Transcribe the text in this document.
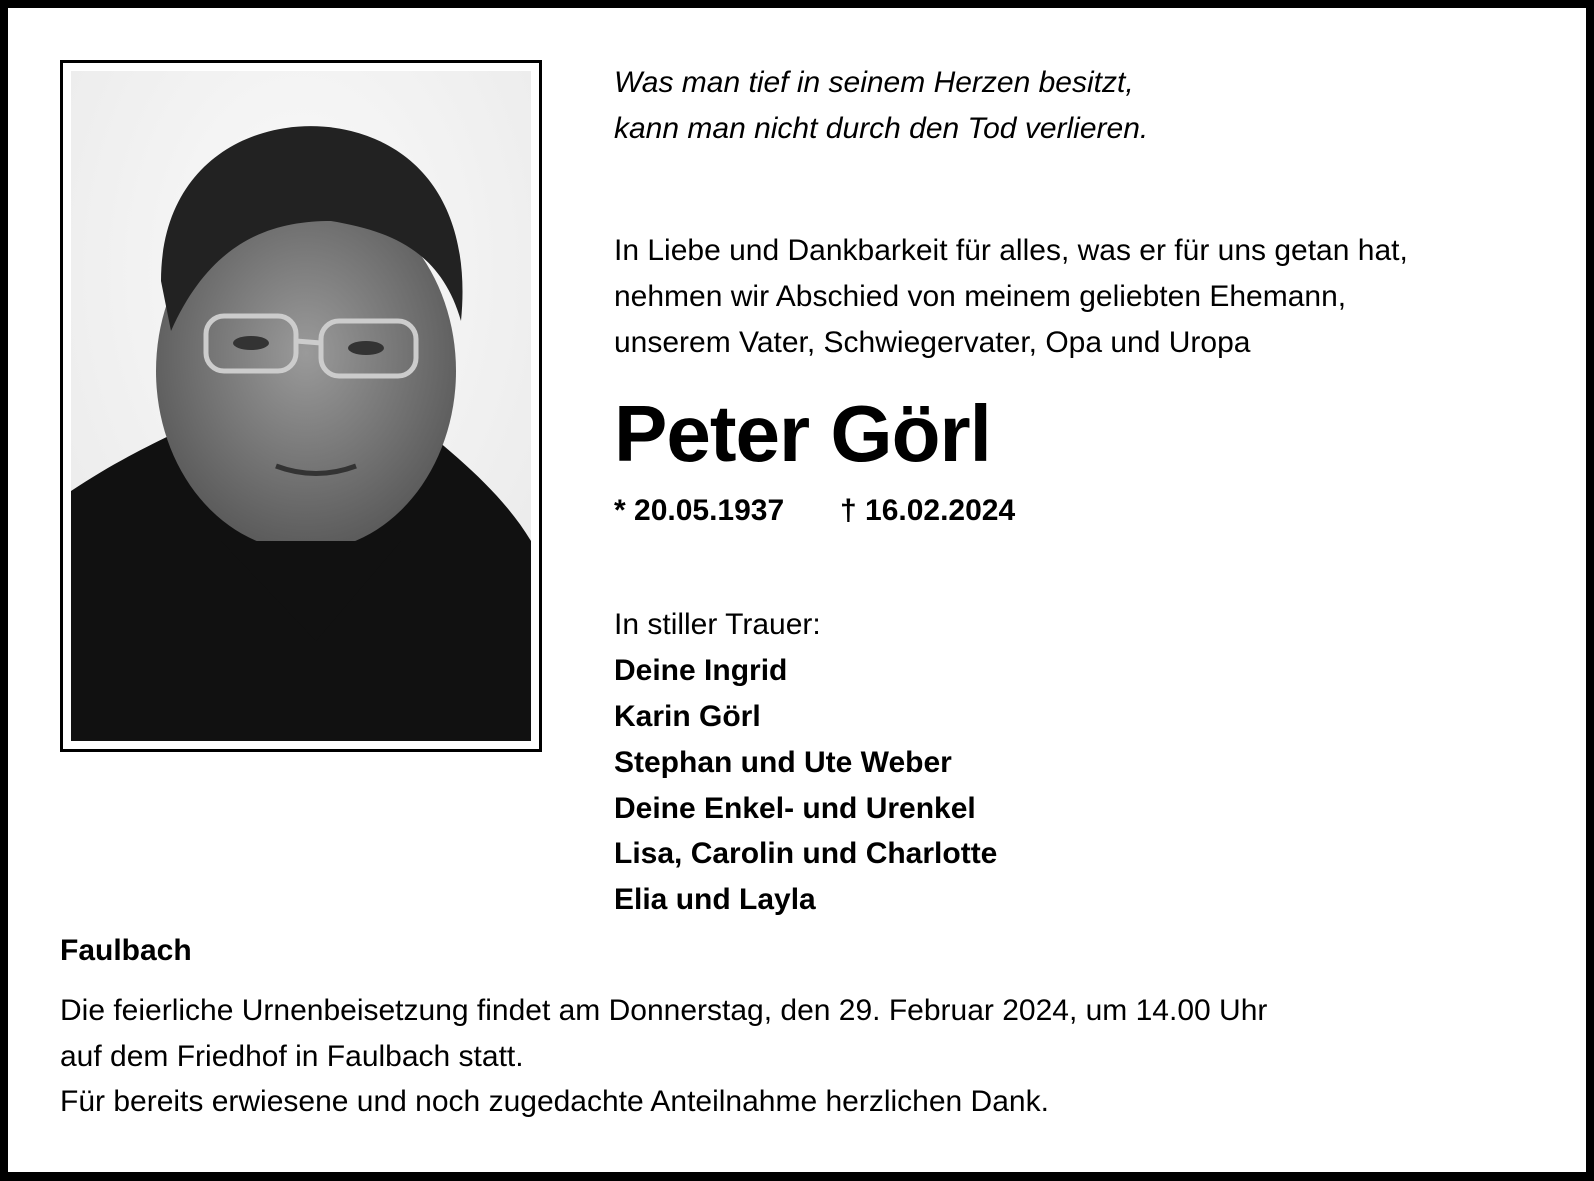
Was man tief in seinem Herzen besitzt,
kann man nicht durch den Tod verlieren.
In Liebe und Dankbarkeit für alles, was er für uns getan hat,
nehmen wir Abschied von meinem geliebten Ehemann,
unserem Vater, Schwiegervater, Opa und Uropa
Peter Görl
* 20.05.1937 † 16.02.2024
In stiller Trauer:
Deine Ingrid
Karin Görl
Stephan und Ute Weber
Deine Enkel- und Urenkel
Lisa, Carolin und Charlotte
Elia und Layla
Faulbach
Die feierliche Urnenbeisetzung findet am Donnerstag, den 29. Februar 2024, um 14.00 Uhr
auf dem Friedhof in Faulbach statt.
Für bereits erwiesene und noch zugedachte Anteilnahme herzlichen Dank.
